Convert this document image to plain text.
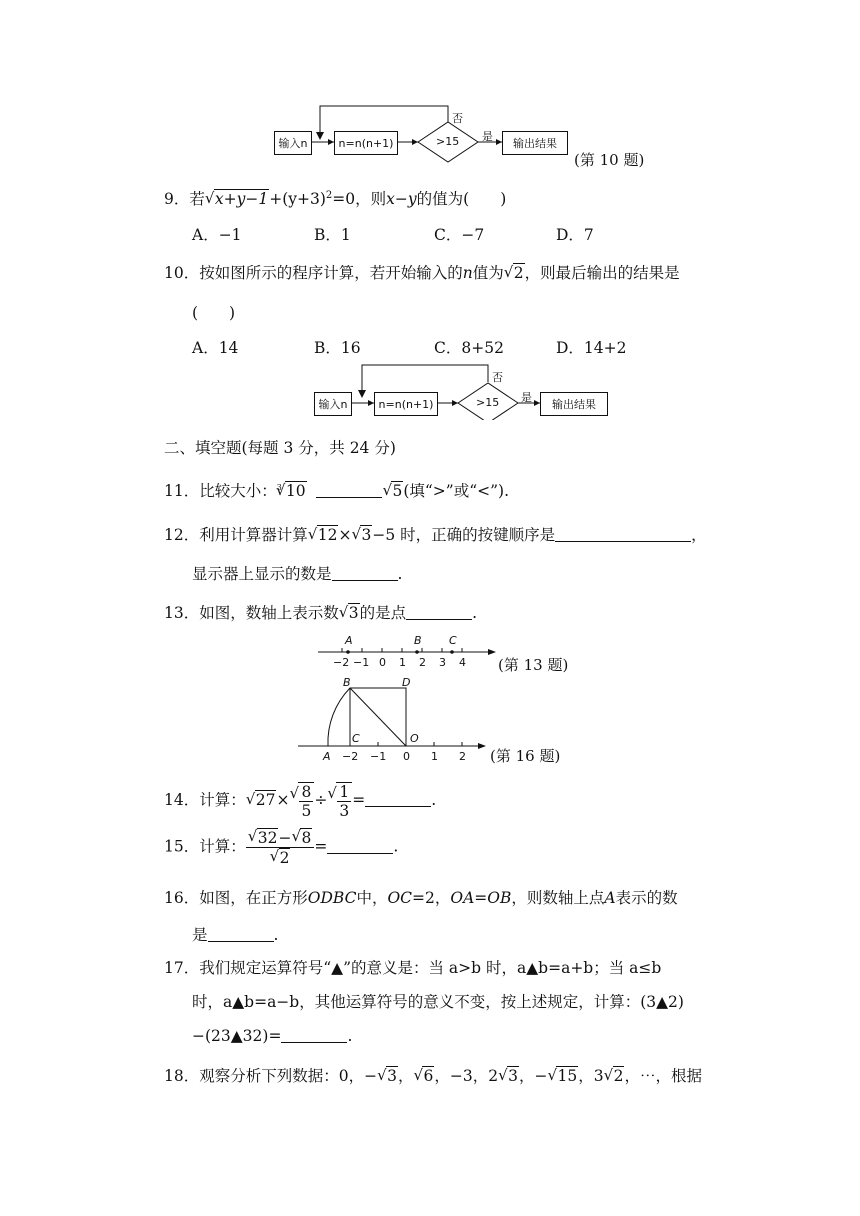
输入n	n=n(n+1)	>15
否
是
输出结果
(第 10 题)
9．若 √ $x+y-1+(y+3)^2=0$，则x−y的值为(　　)
A．−1	B．1	C．−7	D．7
10．按如图所示的程序计算，若开始输入的n值为 √ 2，则最后输出的结果是
(　　)
A．14	B．16	C．8+52	D．14+2
输入n	n=n(n+1)	>15
否
是
输出结果
二、填空题(每题 3 分，共 24 分)
11．比较大小：$^3$ √ 10	√ 5(填“>”或“<”).
12．利用计算器计算 √ 12× √ 3−5 时，正确的按键顺序是	，
显示器上显示的数是	.
13．如图，数轴上表示数 √ 3的是点	.
A	B C
−2 −1 0 1 2 3 4 (第 13 题)
B	D
C	O
A −2 −1 0 1 2 (第 16 题)
14．计算： √ 27× √ $\frac{8}{5}$ ÷ √ $\frac{1}{3}$ =	.
15．计算： √ 32− √ 8
√ 2 =	.
16．如图，在正方形ODBC中，OC=2，OA=OB，则数轴上点A表示的数
是	.
17．我们规定运算符号“▲”的意义是：当 a>b 时，a▲b=a+b；当 a≤b
时，a▲b=a−b，其他运算符号的意义不变，按上述规定，计算：(3▲2)
−(23▲32)=	.
18．观察分析下列数据：0，− √ 3， √ 6，−3，2 √ 3，− √ 15，3 √ 2，⋯，根据
